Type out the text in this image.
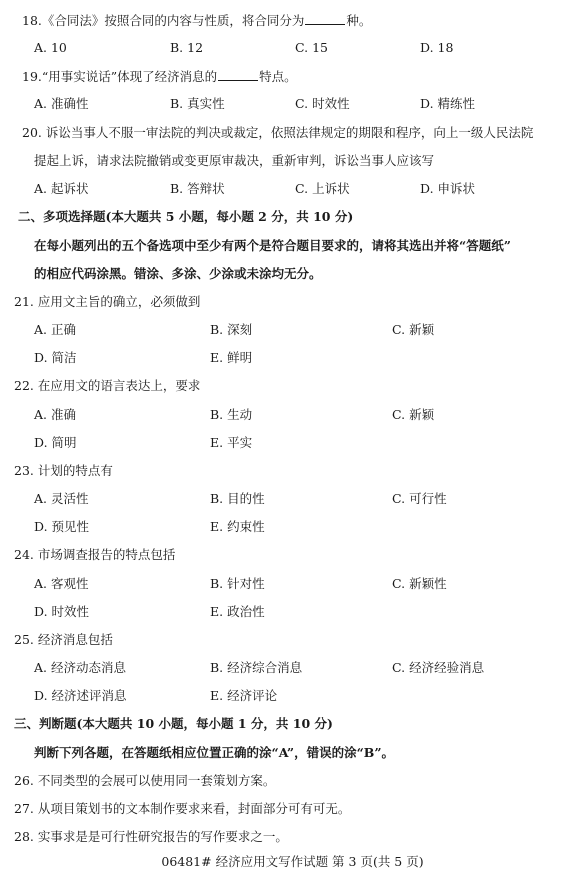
18.《合同法》按照合同的内容与性质，将合同分为	种。
A. 10	B. 12	C. 15	D. 18
19.“用事实说话”体现了经济消息的	特点。
A. 准确性	B. 真实性	C. 时效性	D. 精练性
20. 诉讼当事人不服一审法院的判决或裁定，依照法律规定的期限和程序，向上一级人民法院
提起上诉，请求法院撤销或变更原审裁决，重新审判，诉讼当事人应该写
A. 起诉状	B. 答辩状	C. 上诉状	D. 申诉状
二、多项选择题(本大题共 5 小题，每小题 2 分，共 10 分)
在每小题列出的五个备选项中至少有两个是符合题目要求的，请将其选出并将“答题纸”
的相应代码涂黑。错涂、多涂、少涂或未涂均无分。
21. 应用文主旨的确立，必须做到
A. 正确	B. 深刻	C. 新颖
D. 简洁	E. 鲜明
22. 在应用文的语言表达上，要求
A. 准确	B. 生动	C. 新颖
D. 简明	E. 平实
23. 计划的特点有
A. 灵活性	B. 目的性	C. 可行性
D. 预见性	E. 约束性
24. 市场调查报告的特点包括
A. 客观性	B. 针对性	C. 新颖性
D. 时效性	E. 政治性
25. 经济消息包括
A. 经济动态消息	B. 经济综合消息	C. 经济经验消息
D. 经济述评消息	E. 经济评论
三、判断题(本大题共 10 小题，每小题 1 分，共 10 分)
判断下列各题，在答题纸相应位置正确的涂“A”，错误的涂“B”。
26. 不同类型的会展可以使用同一套策划方案。
27. 从项目策划书的文本制作要求来看，封面部分可有可无。
28. 实事求是是可行性研究报告的写作要求之一。
06481# 经济应用文写作试题 第 3 页(共 5 页)
